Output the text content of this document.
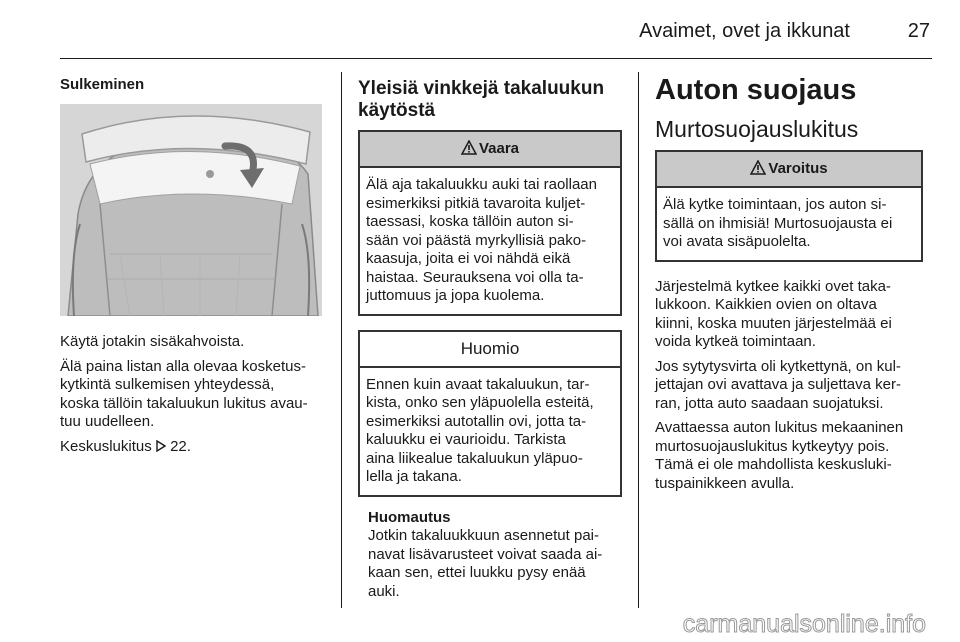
Avaimet, ovet ja ikkunat	27
Sulkeminen

Käytä jotakin sisäkahvoista.

Älä paina listan alla olevaa kosketus-
kytkintä sulkemisen yhteydessä,
koska tällöin takaluukun lukitus avau-
tuu uudelleen.

Keskuslukitus 22.

Yleisiä vinkkejä takaluukun
käytöstä
Vaara
Älä aja takaluukku auki tai raollaan
esimerkiksi pitkiä tavaroita kuljet-
taessasi, koska tällöin auton si-
sään voi päästä myrkyllisiä pako-
kaasuja, joita ei voi nähdä eikä
haistaa. Seurauksena voi olla ta-
juttomuus ja jopa kuolema.
Huomio
Ennen kuin avaat takaluukun, tar-
kista, onko sen yläpuolella esteitä,
esimerkiksi autotallin ovi, jotta ta-
kaluukku ei vaurioidu. Tarkista
aina liikealue takaluukun yläpuo-
lella ja takana.
Huomautus
Jotkin takaluukkuun asennetut pai-
navat lisävarusteet voivat saada ai-
kaan sen, ettei luukku pysy enää
auki.
Auton suojaus
Murtosuojauslukitus
Varoitus
Älä kytke toimintaan, jos auton si-
sällä on ihmisiä! Murtosuojausta ei
voi avata sisäpuolelta.

Järjestelmä kytkee kaikki ovet taka-
lukkoon. Kaikkien ovien on oltava
kiinni, koska muuten järjestelmää ei
voida kytkeä toimintaan.

Jos sytytysvirta oli kytkettynä, on kul-
jettajan ovi avattava ja suljettava ker-
ran, jotta auto saadaan suojatuksi.

Avattaessa auton lukitus mekaaninen
murtosuojauslukitus kytkeytyy pois.
Tämä ei ole mahdollista keskusluki-
tuspainikkeen avulla.

carmanualsonline.info
